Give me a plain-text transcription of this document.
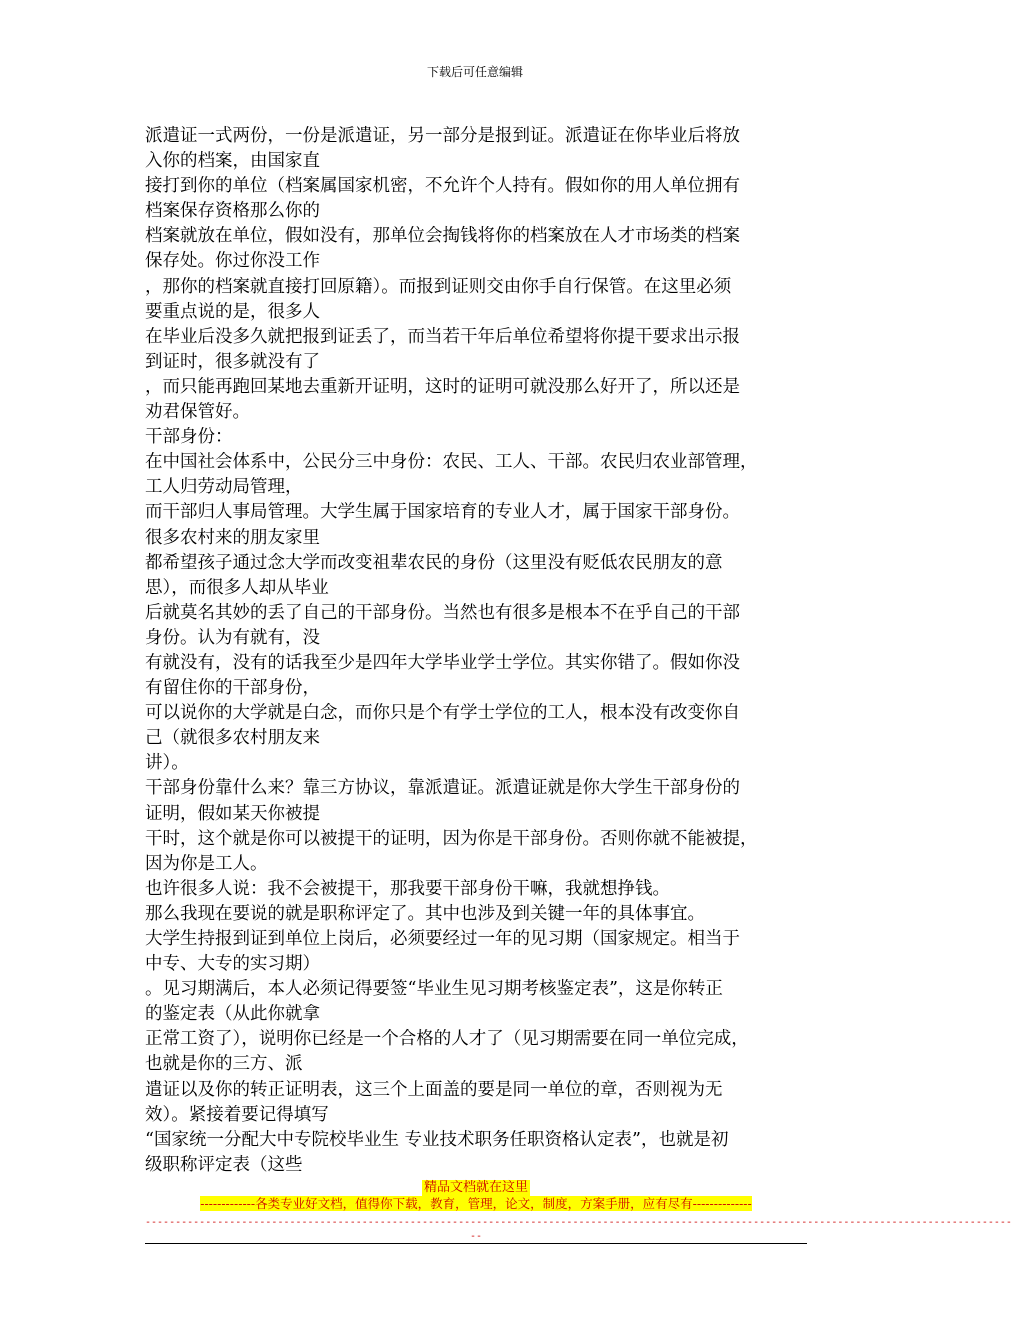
下载后可任意编辑
派遣证一式两份，一份是派遣证，另一部分是报到证。派遣证在你毕业后将放
入你的档案，由国家直
接打到你的单位（档案属国家机密，不允许个人持有。假如你的用人单位拥有
档案保存资格那么你的
档案就放在单位，假如没有，那单位会掏钱将你的档案放在人才市场类的档案
保存处。你过你没工作
，那你的档案就直接打回原籍）。而报到证则交由你手自行保管。在这里必须
要重点说的是，很多人
在毕业后没多久就把报到证丢了，而当若干年后单位希望将你提干要求出示报
到证时，很多就没有了
，而只能再跑回某地去重新开证明，这时的证明可就没那么好开了，所以还是
劝君保管好。
干部身份：
在中国社会体系中，公民分三中身份：农民、工人、干部。农民归农业部管理，
工人归劳动局管理，
而干部归人事局管理。大学生属于国家培育的专业人才，属于国家干部身份。
很多农村来的朋友家里
都希望孩子通过念大学而改变祖辈农民的身份（这里没有贬低农民朋友的意
思），而很多人却从毕业
后就莫名其妙的丢了自己的干部身份。当然也有很多是根本不在乎自己的干部
身份。认为有就有，没
有就没有，没有的话我至少是四年大学毕业学士学位。其实你错了。假如你没
有留住你的干部身份，
可以说你的大学就是白念，而你只是个有学士学位的工人，根本没有改变你自
己（就很多农村朋友来
讲）。
干部身份靠什么来？靠三方协议，靠派遣证。派遣证就是你大学生干部身份的
证明，假如某天你被提
干时，这个就是你可以被提干的证明，因为你是干部身份。否则你就不能被提，
因为你是工人。
也许很多人说：我不会被提干，那我要干部身份干嘛，我就想挣钱。
那么我现在要说的就是职称评定了。其中也涉及到关键一年的具体事宜。
大学生持报到证到单位上岗后，必须要经过一年的见习期（国家规定。相当于
中专、大专的实习期）
。见习期满后，本人必须记得要签“毕业生见习期考核鉴定表”，这是你转正
的鉴定表（从此你就拿
正常工资了），说明你已经是一个合格的人才了（见习期需要在同一单位完成，
也就是你的三方、派
遣证以及你的转正证明表，这三个上面盖的要是同一单位的章，否则视为无
效）。紧接着要记得填写
“国家统一分配大中专院校毕业生 专业技术职务任职资格认定表”，也就是初
级职称评定表（这些
精品文档就在这里
-------------各类专业好文档，值得你下载，教育，管理，论文，制度，方案手册，应有尽有--------------
------------------------------------------------------------------------------------------------------------------------------------------------
--
